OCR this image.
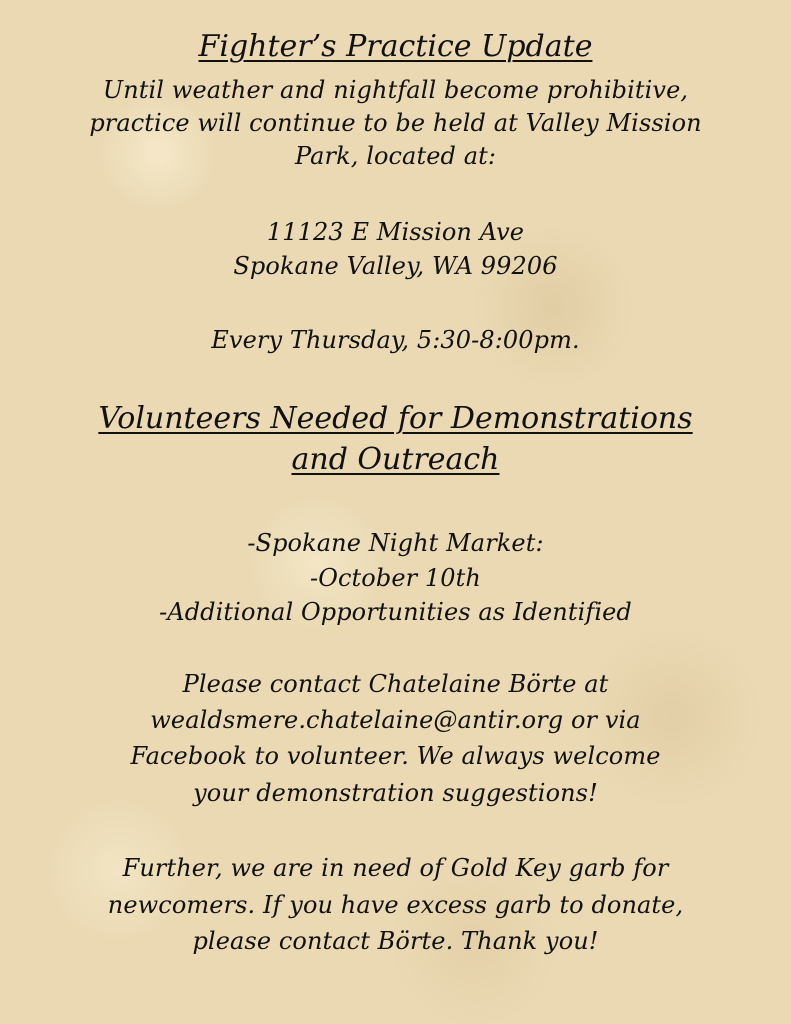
Fighter’s Practice Update
Until weather and nightfall become prohibitive,
practice will continue to be held at Valley Mission
Park, located at:
11123 E Mission Ave
Spokane Valley, WA 99206
Every Thursday, 5:30-8:00pm.
Volunteers Needed for Demonstrations
and Outreach
-Spokane Night Market:
-October 10th
-Additional Opportunities as Identified
Please contact Chatelaine Börte at
wealdsmere.chatelaine@antir.org or via
Facebook to volunteer. We always welcome
your demonstration suggestions!
Further, we are in need of Gold Key garb for
newcomers. If you have excess garb to donate,
please contact Börte. Thank you!
